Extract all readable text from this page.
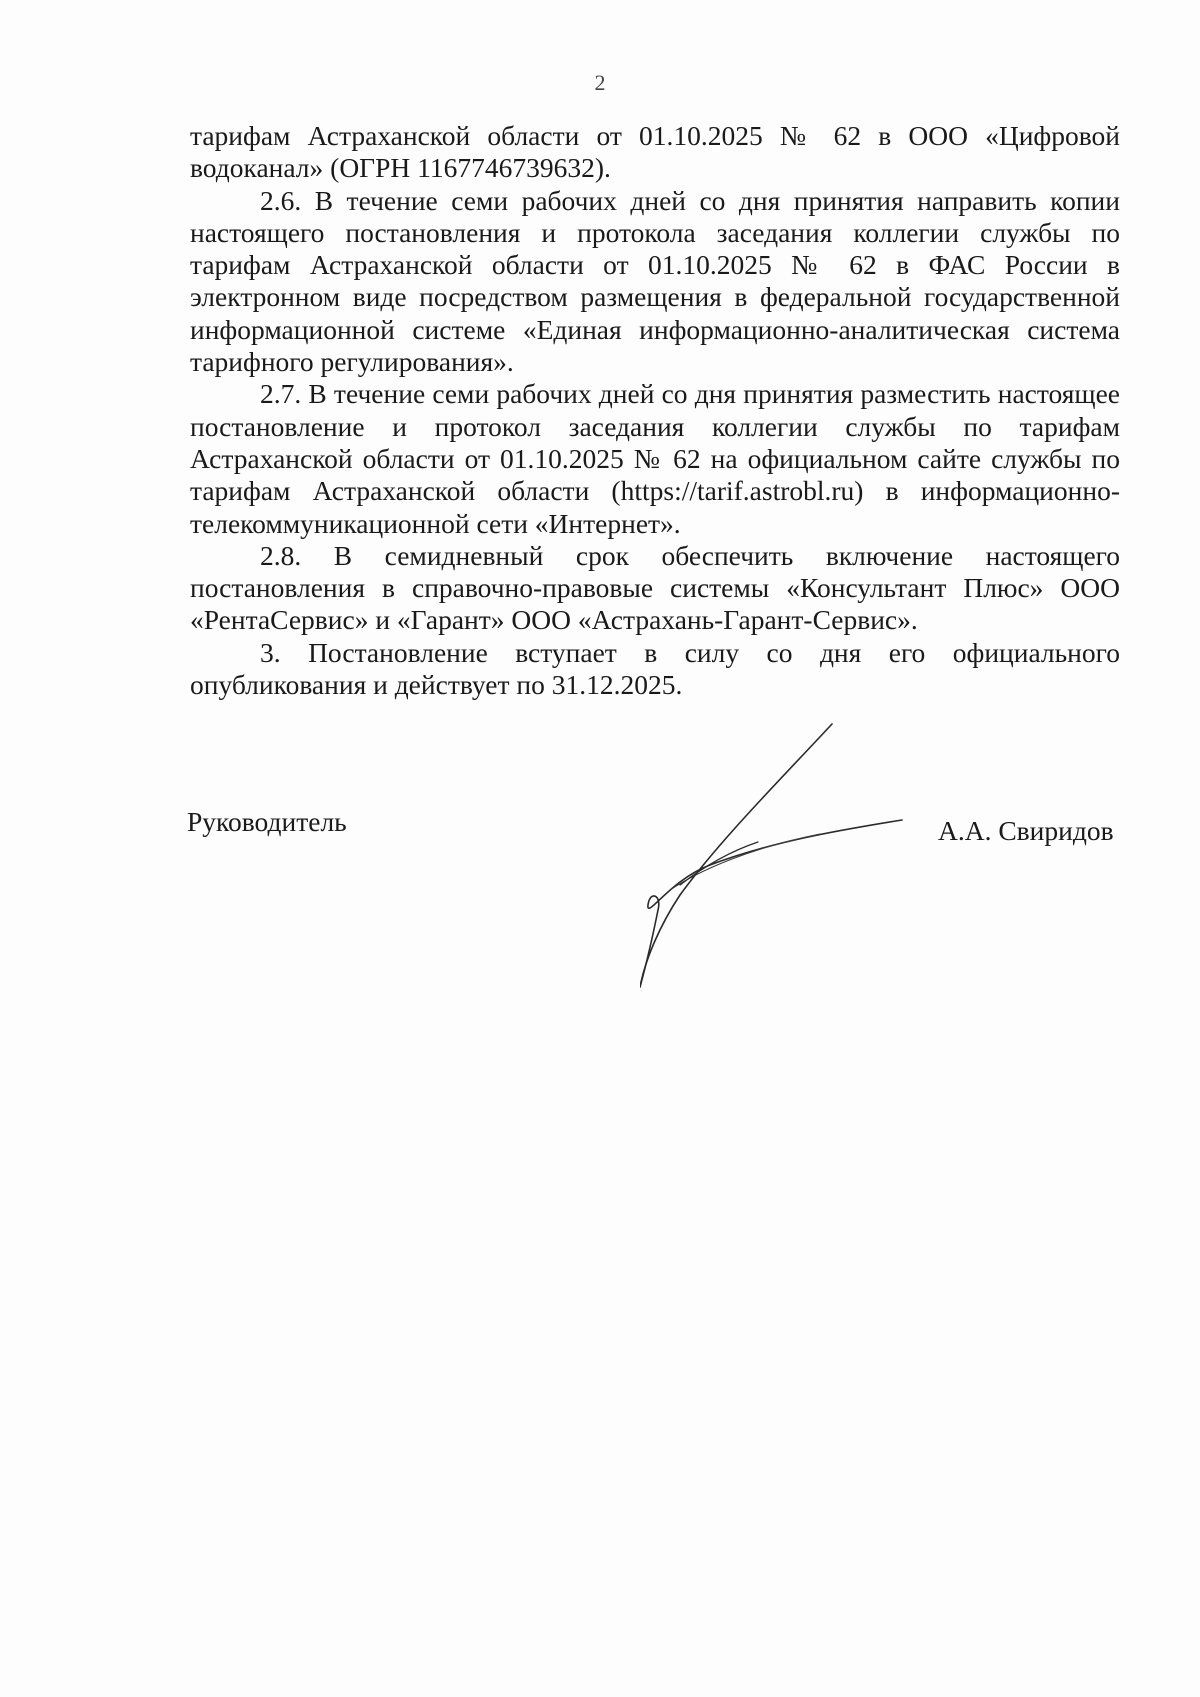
2

тарифам Астраханской области от 01.10.2025 № 62 в ООО «Цифровой водоканал» (ОГРН 1167746739632).

2.6. В течение семи рабочих дней со дня принятия направить копии настоящего постановления и протокола заседания коллегии службы по тарифам Астраханской области от 01.10.2025 № 62 в ФАС России в электронном виде посредством размещения в федеральной государственной информационной системе «Единая информационно-аналитическая система тарифного регулирования».

2.7. В течение семи рабочих дней со дня принятия разместить настоящее постановление и протокол заседания коллегии службы по тарифам Астраханской области от 01.10.2025 № 62 на официальном сайте службы по тарифам Астраханской области (https://tarif.astrobl.ru) в информационно-телекоммуникационной сети «Интернет».

2.8. В семидневный срок обеспечить включение настоящего постановления в справочно-правовые системы «Консультант Плюс» ООО «РентаСервис» и «Гарант» ООО «Астрахань-Гарант-Сервис».

3. Постановление вступает в силу со дня его официального опубликования и действует по 31.12.2025.

Руководитель	А.А. Свиридов
